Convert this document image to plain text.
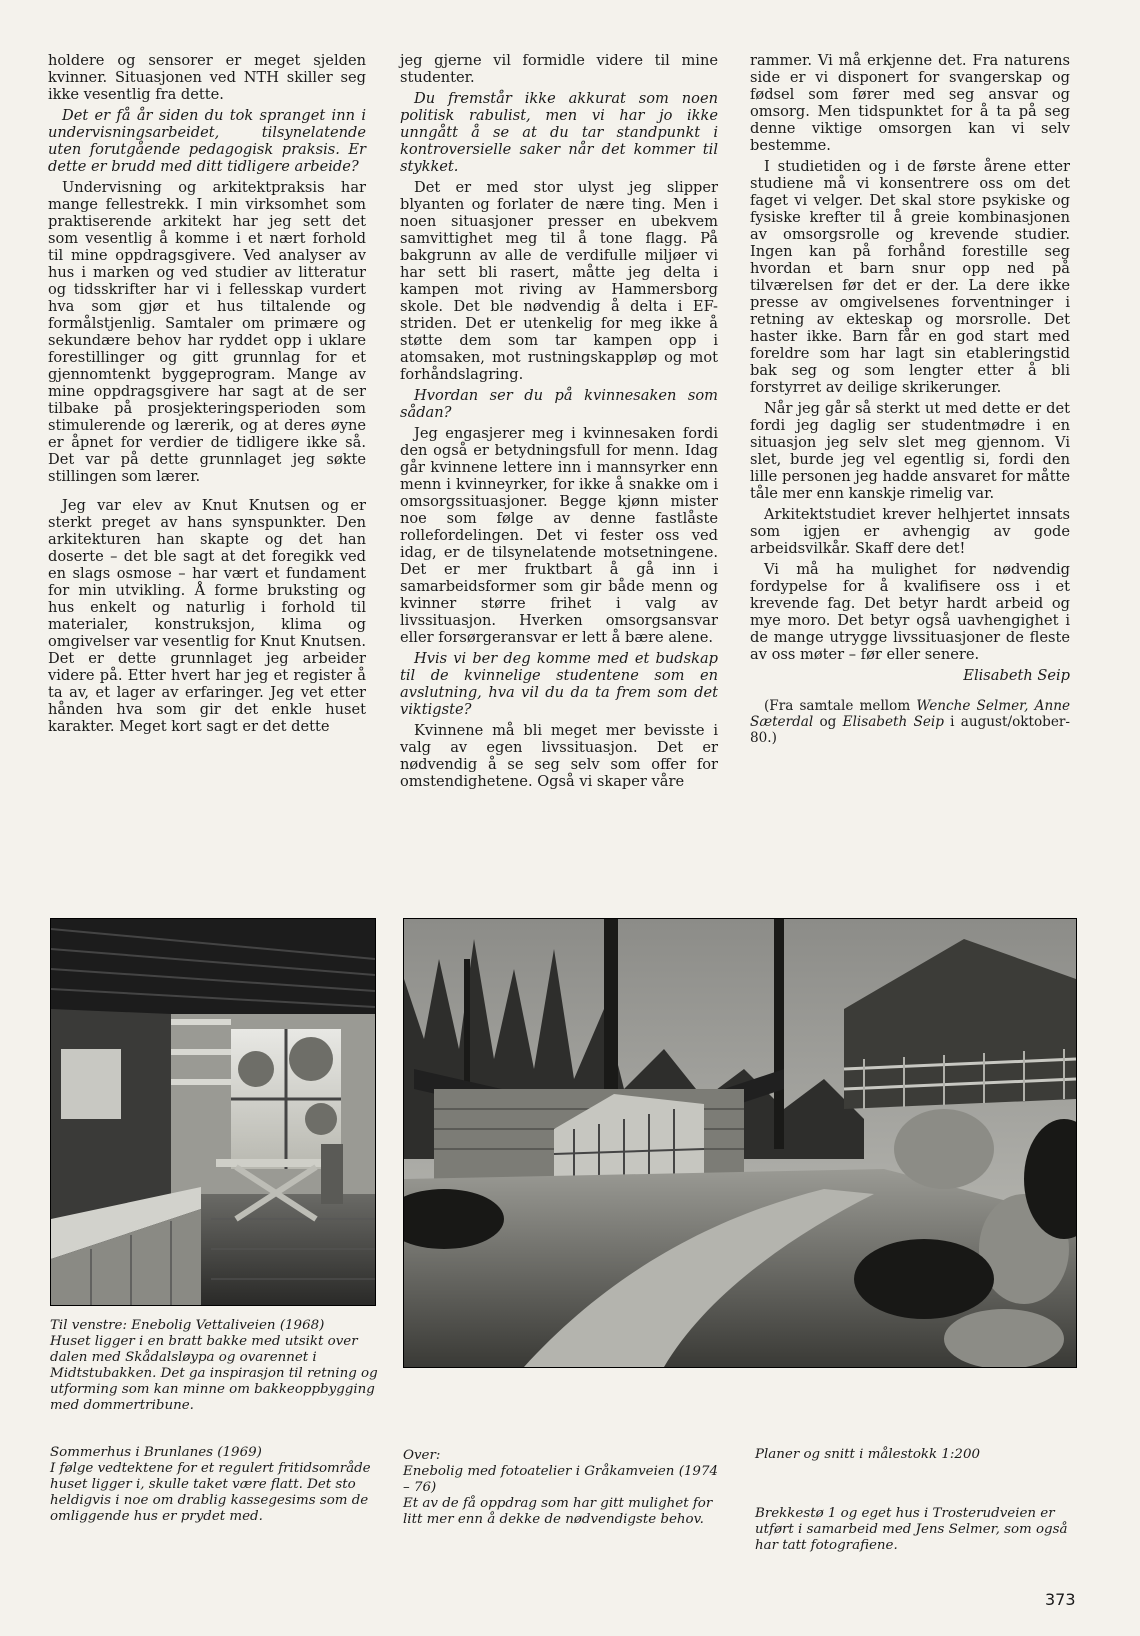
holdere og sensorer er meget sjelden kvinner. Situasjonen ved NTH skiller seg ikke vesentlig fra dette.

Det er få år siden du tok spranget inn i undervisningsarbeidet, tilsynelatende uten forutgående pedagogisk praksis. Er dette er brudd med ditt tidligere arbeide?

Undervisning og arkitektpraksis har mange fellestrekk. I min virksomhet som praktiserende arkitekt har jeg sett det som vesentlig å komme i et nært forhold til mine oppdragsgivere. Ved analyser av hus i marken og ved studier av litteratur og tidsskrifter har vi i fellesskap vurdert hva som gjør et hus tiltalende og formålstjenlig. Samtaler om primære og sekundære behov har ryddet opp i uklare forestillinger og gitt grunnlag for et gjennomtenkt byggeprogram. Mange av mine oppdragsgivere har sagt at de ser tilbake på prosjekteringsperioden som stimulerende og lærerik, og at deres øyne er åpnet for verdier de tidligere ikke så. Det var på dette grunnlaget jeg søkte stillingen som lærer.

Jeg var elev av Knut Knutsen og er sterkt preget av hans synspunkter. Den arkitekturen han skapte og det han doserte – det ble sagt at det foregikk ved en slags osmose – har vært et fundament for min utvikling. Å forme bruksting og hus enkelt og naturlig i forhold til materialer, konstruksjon, klima og omgivelser var vesentlig for Knut Knutsen. Det er dette grunnlaget jeg arbeider videre på. Etter hvert har jeg et register å ta av, et lager av erfaringer. Jeg vet etter hånden hva som gir det enkle huset karakter. Meget kort sagt er det dette

jeg gjerne vil formidle videre til mine studenter.

Du fremstår ikke akkurat som noen politisk rabulist, men vi har jo ikke unngått å se at du tar standpunkt i kontroversielle saker når det kommer til stykket.

Det er med stor ulyst jeg slipper blyanten og forlater de nære ting. Men i noen situasjoner presser en ubekvem samvittighet meg til å tone flagg. På bakgrunn av alle de verdifulle miljøer vi har sett bli rasert, måtte jeg delta i kampen mot riving av Hammersborg skole. Det ble nødvendig å delta i EF-striden. Det er utenkelig for meg ikke å støtte dem som tar kampen opp i atomsaken, mot rustningskappløp og mot forhåndslagring.

Hvordan ser du på kvinnesaken som sådan?

Jeg engasjerer meg i kvinnesaken fordi den også er betydningsfull for menn. Idag går kvinnene lettere inn i mannsyrker enn menn i kvinneyrker, for ikke å snakke om i omsorgssituasjoner. Begge kjønn mister noe som følge av denne fastlåste rollefordelingen. Det vi fester oss ved idag, er de tilsynelatende motsetningene. Det er mer fruktbart å gå inn i samarbeidsformer som gir både menn og kvinner større frihet i valg av livssituasjon. Hverken omsorgsansvar eller forsørgeransvar er lett å bære alene.

Hvis vi ber deg komme med et budskap til de kvinnelige studentene som en avslutning, hva vil du da ta frem som det viktigste?

Kvinnene må bli meget mer bevisste i valg av egen livssituasjon. Det er nødvendig å se seg selv som offer for omstendighetene. Også vi skaper våre

rammer. Vi må erkjenne det. Fra naturens side er vi disponert for svangerskap og fødsel som fører med seg ansvar og omsorg. Men tidspunktet for å ta på seg denne viktige omsorgen kan vi selv bestemme.

I studietiden og i de første årene etter studiene må vi konsentrere oss om det faget vi velger. Det skal store psykiske og fysiske krefter til å greie kombinasjonen av omsorgsrolle og krevende studier. Ingen kan på forhånd forestille seg hvordan et barn snur opp ned på tilværelsen før det er der. La dere ikke presse av omgivelsenes forventninger i retning av ekteskap og morsrolle. Det haster ikke. Barn får en god start med foreldre som har lagt sin etableringstid bak seg og som lengter etter å bli forstyrret av deilige skrikerunger.

Når jeg går så sterkt ut med dette er det fordi jeg daglig ser studentmødre i en situasjon jeg selv slet meg gjennom. Vi slet, burde jeg vel egentlig si, fordi den lille personen jeg hadde ansvaret for måtte tåle mer enn kanskje rimelig var.

Arkitektstudiet krever helhjertet innsats som igjen er avhengig av gode arbeidsvilkår. Skaff dere det!

Vi må ha mulighet for nødvendig fordypelse for å kvalifisere oss i et krevende fag. Det betyr hardt arbeid og mye moro. Det betyr også uavhengighet i de mange utrygge livssituasjoner de fleste av oss møter – før eller senere.

Elisabeth Seip

(Fra samtale mellom Wenche Selmer, Anne Sæterdal og Elisabeth Seip i august/oktober-80.)

Til venstre: Enebolig Vettaliveien (1968)

Huset ligger i en bratt bakke med utsikt over dalen med Skådalsløypa og ovarennet i Midtstubakken. Det ga inspirasjon til retning og utforming som kan minne om bakkeoppbygging med dommertribune.

Sommerhus i Brunlanes (1969)

I følge vedtektene for et regulert fritidsområde huset ligger i, skulle taket være flatt. Det sto heldigvis i noe om drablig kassegesims som de omliggende hus er prydet med.

Over:

Enebolig med fotoatelier i Gråkamveien (1974 – 76)

Et av de få oppdrag som har gitt mulighet for litt mer enn å dekke de nødvendigste behov.

Planer og snitt i målestokk 1:200

Brekkestø 1 og eget hus i Trosterudveien er utført i samarbeid med Jens Selmer, som også har tatt fotografiene.

373
